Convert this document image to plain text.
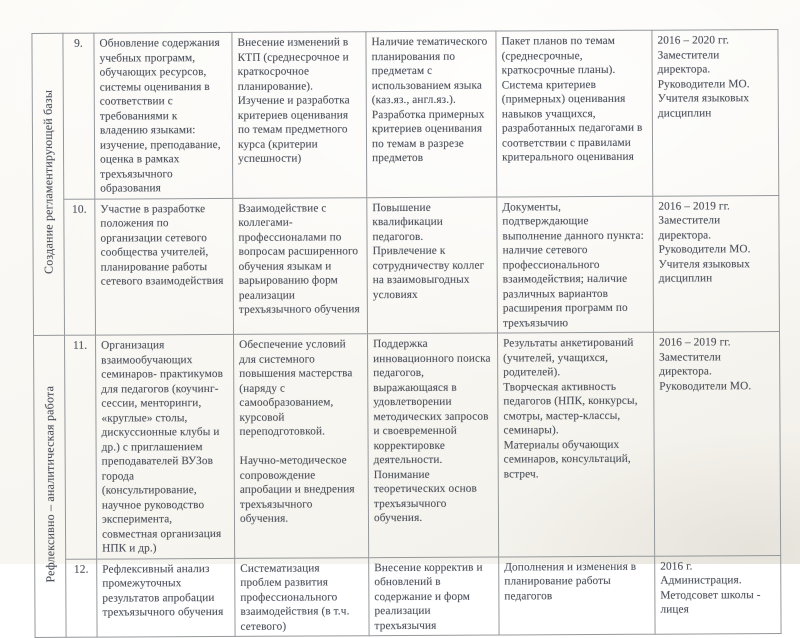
Создание регламентирующей базы	9.	Обновление содержания учебных программ, обучающих ресурсов, системы оценивания в соответствии с требованиями к владению языками: изучение, преподавание, оценка в рамках трехъязычного образования	Внесение изменений в КТП (среднесрочное и краткосрочное планирование).
Изучение и разработка критериев оценивания по темам предметного курса (критерии успешности)	Наличие тематического планирования по предметам с использованием языка (каз.яз., англ.яз.).
Разработка примерных критериев оценивания по темам в разрезе предметов	Пакет планов по темам (среднесрочные, краткосрочные планы).
Система критериев (примерных) оценивания навыков учащихся, разработанных педагогами в соответствии с правилами критерального оценивания	2016 – 2020 гг.
Заместители директора.
Руководители МО.
Учителя языковых дисциплин
	10.	Участие в разработке положения по организации сетевого сообщества учителей, планирование работы сетевого взаимодействия	Взаимодействие с коллегами-профессионалами по вопросам расширенного обучения языкам и варьированию форм реализации трехъязычного обучения	Повышение квалификации педагогов.
Привлечение к сотрудничеству коллег на взаимовыгодных условиях	Документы, подтверждающие выполнение данного пункта: наличие сетевого профессионального взаимодействия; наличие различных вариантов расширения программ по трехъязычию	2016 – 2019 гг.
Заместители директора.
Руководители МО.
Учителя языковых дисциплин
Рефлексивно – аналитическая работа	11.	Организация взаимообучающих семинаров- практикумов для педагогов (коучинг-сессии, менторинги, «круглые» столы, дискуссионные клубы и др.) с приглашением преподавателей ВУЗов города (консультирование, научное руководство эксперимента, совместная организация НПК и др.)	Обеспечение условий для системного повышения мастерства (наряду с самообразованием, курсовой переподготовкой.

Научно-методическое сопровождение апробации и внедрения трехъязычного обучения.	Поддержка инновационного поиска педагогов, выражающаяся в удовлетворении методических запросов и своевременной корректировке деятельности.
Понимание теоретических основ трехъязычного обучения.	Результаты анкетирований (учителей, учащихся, родителей).
Творческая активность педагогов (НПК, конкурсы, смотры, мастер-классы, семинары).
Материалы обучающих семинаров, консультаций, встреч.	2016 – 2019 гг.
Заместители директора.
Руководители МО.
	12.	Рефлексивный анализ промежуточных результатов апробации трехъязычного обучения	Систематизация проблем развития профессионального взаимодействия (в т.ч. сетевого)	Внесение корректив и обновлений в содержание и форм реализации трехъязычия	Дополнения и изменения в планирование работы педагогов	2016 г.
Администрация.
Методсовет школы - лицея
